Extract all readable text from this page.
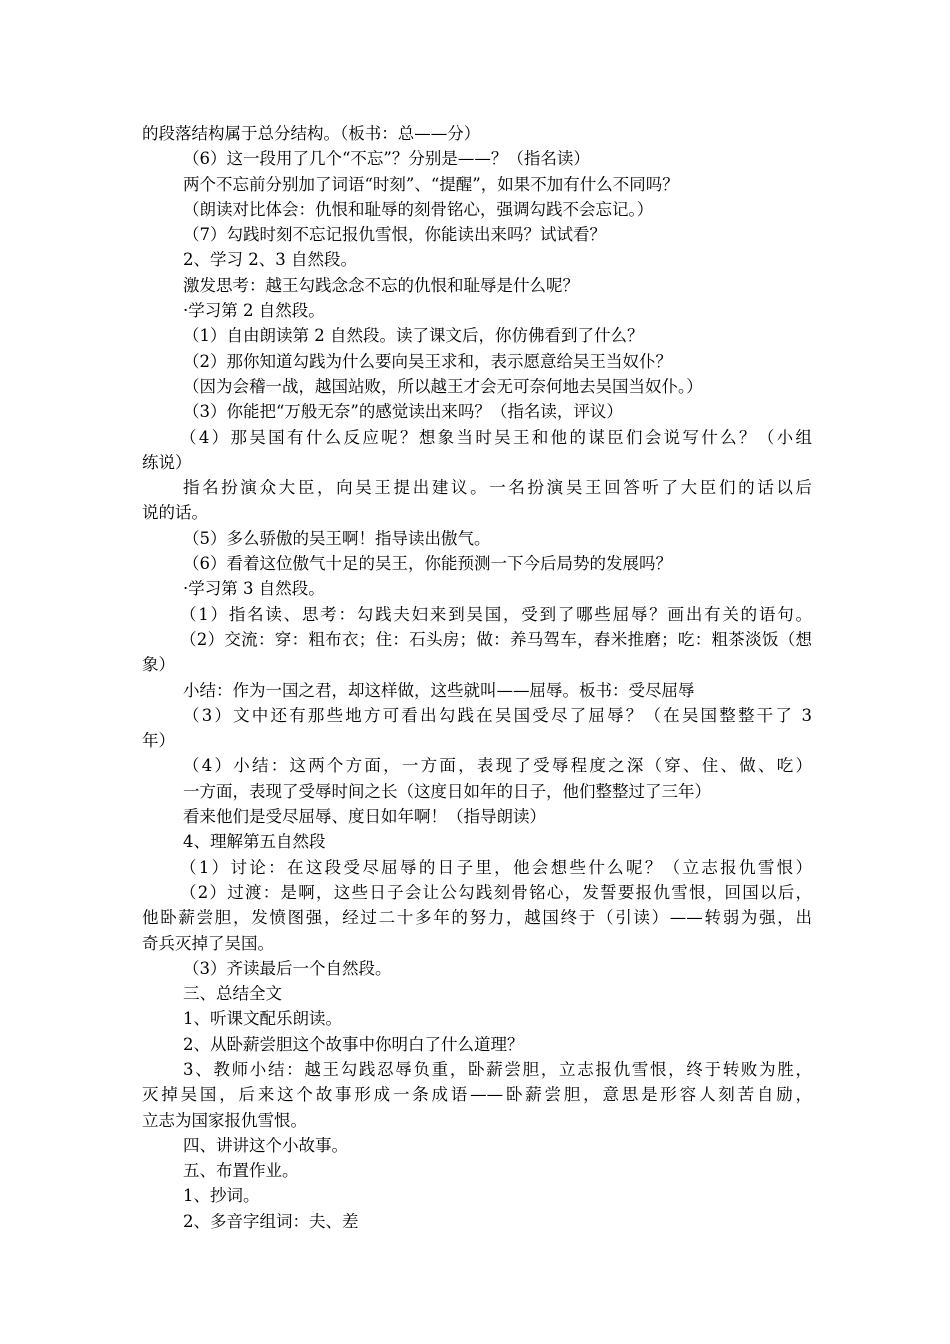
的段落结构属于总分结构。（板书：总——分）
（6）这一段用了几个“不忘”？分别是——？（指名读）
两个不忘前分别加了词语“时刻”、“提醒”，如果不加有什么不同吗？
（朗读对比体会：仇恨和耻辱的刻骨铭心，强调勾践不会忘记。）
（7）勾践时刻不忘记报仇雪恨，你能读出来吗？试试看？
2、学习 2、3 自然段。
激发思考：越王勾践念念不忘的仇恨和耻辱是什么呢？
·学习第 2 自然段。
（1）自由朗读第 2 自然段。读了课文后，你仿佛看到了什么？
（2）那你知道勾践为什么要向吴王求和，表示愿意给吴王当奴仆？
（因为会稽一战，越国站败，所以越王才会无可奈何地去吴国当奴仆。）
（3）你能把“万般无奈”的感觉读出来吗？（指名读，评议）
（4）那吴国有什么反应呢？想象当时吴王和他的谋臣们会说写什么？（小组
练说）
指名扮演众大臣，向吴王提出建议。一名扮演吴王回答听了大臣们的话以后
说的话。
（5）多么骄傲的吴王啊！指导读出傲气。
（6）看着这位傲气十足的吴王，你能预测一下今后局势的发展吗？
·学习第 3 自然段。
（1）指名读、思考：勾践夫妇来到吴国，受到了哪些屈辱？画出有关的语句。
（2）交流：穿：粗布衣；住：石头房；做：养马驾车，舂米推磨；吃：粗茶淡饭（想
象）
小结：作为一国之君，却这样做，这些就叫——屈辱。板书：受尽屈辱
（3）文中还有那些地方可看出勾践在吴国受尽了屈辱？（在吴国整整干了 3
年）
（4）小结：这两个方面，一方面，表现了受辱程度之深（穿、住、做、吃）
一方面，表现了受辱时间之长（这度日如年的日子，他们整整过了三年）
看来他们是受尽屈辱、度日如年啊！（指导朗读）
4、理解第五自然段
（1）讨论：在这段受尽屈辱的日子里，他会想些什么呢？（立志报仇雪恨）
（2）过渡：是啊，这些日子会让公勾践刻骨铭心，发誓要报仇雪恨，回国以后，
他卧薪尝胆，发愤图强，经过二十多年的努力，越国终于（引读）——转弱为强，出
奇兵灭掉了吴国。
（3）齐读最后一个自然段。
三、总结全文
1、听课文配乐朗读。
2、从卧薪尝胆这个故事中你明白了什么道理？
3、教师小结：越王勾践忍辱负重，卧薪尝胆，立志报仇雪恨，终于转败为胜，
灭掉吴国，后来这个故事形成一条成语——卧薪尝胆，意思是形容人刻苦自励，
立志为国家报仇雪恨。
四、讲讲这个小故事。
五、布置作业。
1、抄词。
2、多音字组词：夫、差
